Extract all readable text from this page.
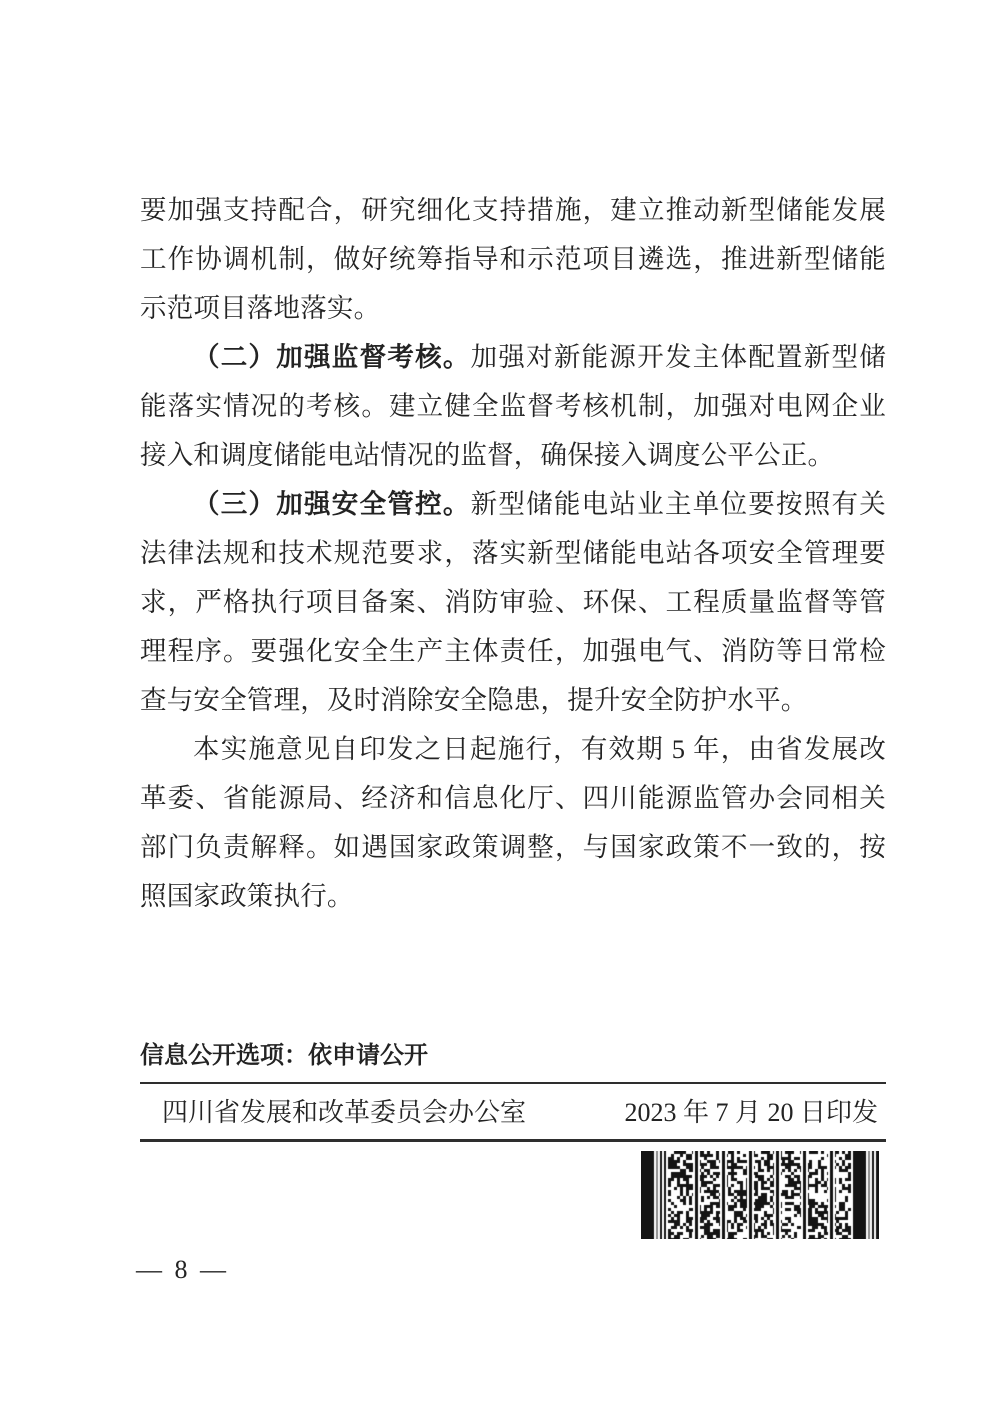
要加强支持配合，研究细化支持措施，建立推动新型储能发展工作协调机制，做好统筹指导和示范项目遴选，推进新型储能示范项目落地落实。

（二）加强监督考核。加强对新能源开发主体配置新型储能落实情况的考核。建立健全监督考核机制，加强对电网企业接入和调度储能电站情况的监督，确保接入调度公平公正。

（三）加强安全管控。新型储能电站业主单位要按照有关法律法规和技术规范要求，落实新型储能电站各项安全管理要求，严格执行项目备案、消防审验、环保、工程质量监督等管理程序。要强化安全生产主体责任，加强电气、消防等日常检查与安全管理，及时消除安全隐患，提升安全防护水平。

本实施意见自印发之日起施行，有效期 5 年，由省发展改革委、省能源局、经济和信息化厅、四川能源监管办会同相关部门负责解释。如遇国家政策调整，与国家政策不一致的，按照国家政策执行。

信息公开选项：依申请公开
四川省发展和改革委员会办公室	2023 年 7 月 20 日印发
— 8 —
